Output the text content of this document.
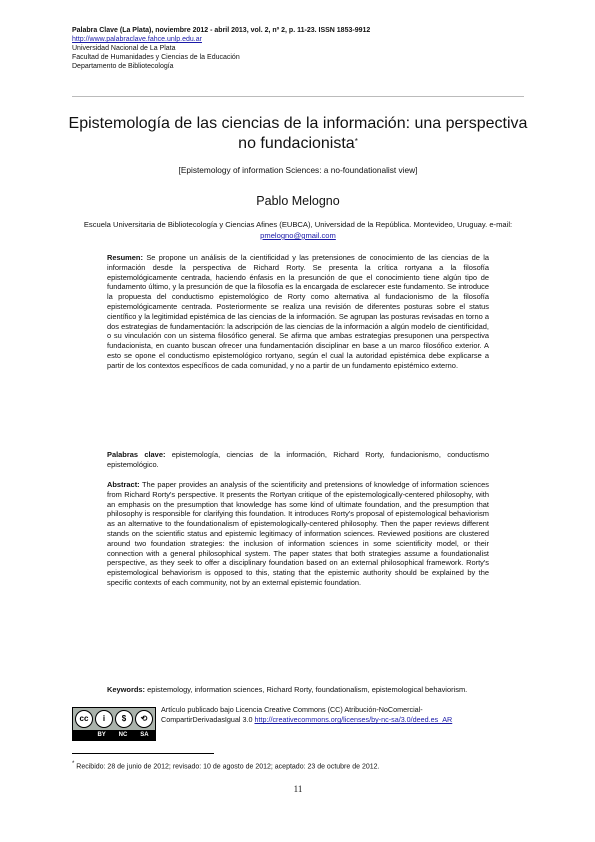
Palabra Clave (La Plata), noviembre 2012 - abril 2013, vol. 2, nº 2, p. 11-23. ISSN 1853-9912
http://www.palabraclave.fahce.unlp.edu.ar
Universidad Nacional de La Plata
Facultad de Humanidades y Ciencias de la Educación
Departamento de Bibliotecología
Epistemología de las ciencias de la información: una perspectiva no fundacionista*
[Epistemology of information Sciences: a no-foundationalist view]
Pablo Melogno
Escuela Universitaria de Bibliotecología y Ciencias Afines (EUBCA), Universidad de la República. Montevideo, Uruguay. e-mail: pmelogno@gmail.com
Resumen: Se propone un análisis de la cientificidad y las pretensiones de conocimiento de las ciencias de la información desde la perspectiva de Richard Rorty. Se presenta la crítica rortyana a la filosofía epistemológicamente centrada, haciendo énfasis en la presunción de que el conocimiento tiene algún tipo de fundamento último, y la presunción de que la filosofía es la encargada de esclarecer este fundamento. Se introduce la propuesta del conductismo epistemológico de Rorty como alternativa al fundacionismo de la filosofía epistemológicamente centrada. Posteriormente se realiza una revisión de diferentes posturas sobre el status científico y la legitimidad epistémica de las ciencias de la información. Se agrupan las posturas revisadas en torno a dos estrategias de fundamentación: la adscripción de las ciencias de la información a algún modelo de cientificidad, o su vinculación con un sistema filosófico general. Se afirma que ambas estrategias presuponen una perspectiva fundacionista, en cuanto buscan ofrecer una fundamentación disciplinar en base a un marco filosófico exterior. A esto se opone el conductismo epistemológico rortyano, según el cual la autoridad epistémica debe explicarse a partir de los contextos específicos de cada comunidad, y no a partir de un fundamento epistémico externo.
Palabras clave: epistemología, ciencias de la información, Richard Rorty, fundacionismo, conductismo epistemológico.
Abstract: The paper provides an analysis of the scientificity and pretensions of knowledge of information sciences from Richard Rorty's perspective. It presents the Rortyan critique of the epistemologically-centered philosophy, with an emphasis on the presumption that knowledge has some kind of ultimate foundation, and the presumption that philosophy is responsible for clarifying this foundation. It introduces Rorty's proposal of epistemological behaviorism as an alternative to the foundationalism of epistemologically-centered philosophy. Then the paper reviews different stands on the scientific status and epistemic legitimacy of information sciences. Reviewed positions are clustered around two foundation strategies: the inclusion of information sciences in some scientificity model, or their connection with a general philosophical system. The paper states that both strategies assume a foundationalist perspective, as they seek to offer a disciplinary foundation based on an external philosophical framework. Rorty's epistemological behaviorism is opposed to this, stating that the epistemic authority should be explained by the specific contexts of each community, not by an external epistemic foundation.
Keywords: epistemology, information sciences, Richard Rorty, foundationalism, epistemological behaviorism.
cc	i	$	⟲
BY NC SA
Artículo publicado bajo Licencia Creative Commons (CC) Atribución-NoComercial-CompartirDerivadasIgual 3.0 http://creativecommons.org/licenses/by-nc-sa/3.0/deed.es_AR
* Recibido: 28 de junio de 2012; revisado: 10 de agosto de 2012; aceptado: 23 de octubre de 2012.
11
